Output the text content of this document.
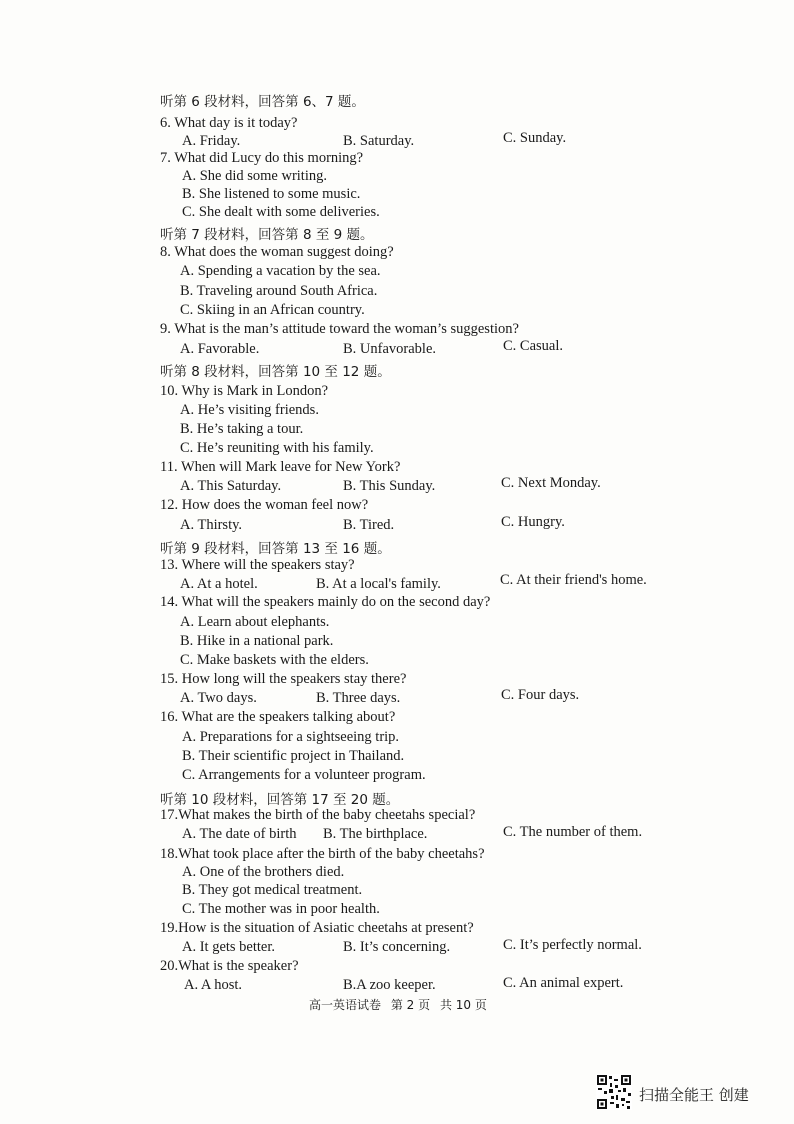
听第 6 段材料，回答第 6、7 题。
听第 7 段材料，回答第 8 至 9 题。
听第 8 段材料，回答第 10 至 12 题。
听第 9 段材料，回答第 13 至 16 题。
听第 10 段材料，回答第 17 至 20 题。
6. What day is it today?
A. Friday.	B. Saturday.	C. Sunday.
7. What did Lucy do this morning?
A. She did some writing.
B. She listened to some music.
C. She dealt with some deliveries.
8. What does the woman suggest doing?
A. Spending a vacation by the sea.
B. Traveling around South Africa.
C. Skiing in an African country.
9. What is the man’s attitude toward the woman’s suggestion?
A. Favorable.	B. Unfavorable.	C. Casual.
10. Why is Mark in London?
A. He’s visiting friends.
B. He’s taking a tour.
C. He’s reuniting with his family.
11. When will Mark leave for New York?
A. This Saturday.	B. This Sunday.	C. Next Monday.
12. How does the woman feel now?
A. Thirsty.	B. Tired.	C. Hungry.
13. Where will the speakers stay?
A. At a hotel.	B. At a local's family.	C. At their friend's home.
14. What will the speakers mainly do on the second day?
A. Learn about elephants.
B. Hike in a national park.
C. Make baskets with the elders.
15. How long will the speakers stay there?
A. Two days.	B. Three days.	C. Four days.
16. What are the speakers talking about?
A. Preparations for a sightseeing trip.
B. Their scientific project in Thailand.
C. Arrangements for a volunteer program.
17.What makes the birth of the baby cheetahs special?
A. The date of birth B. The birthplace.	C. The number of them.
18.What took place after the birth of the baby cheetahs?
A. One of the brothers died.
B. They got medical treatment.
C. The mother was in poor health.
19.How is the situation of Asiatic cheetahs at present?
A. It gets better.	B. It’s concerning.	C. It’s perfectly normal.
20.What is the speaker?
A. A host.	B.A zoo keeper.	C. An animal expert.
高一英语试卷 第 2 页 共 10 页
扫描全能王 创建
